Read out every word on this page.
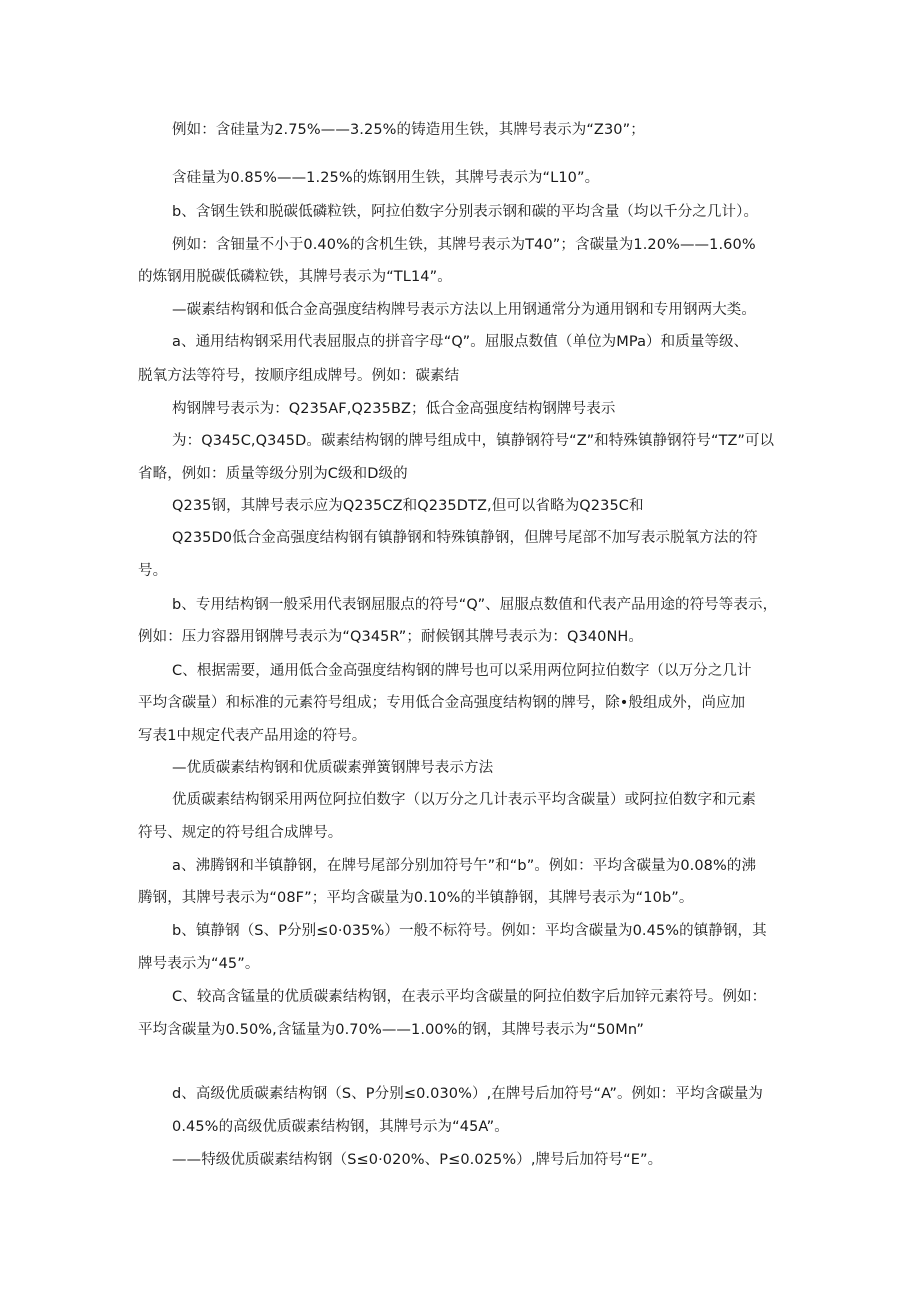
例如：含硅量为2.75%——3.25%的铸造用生铁，其牌号表示为“Z30”；
含硅量为0.85%——1.25%的炼钢用生铁，其牌号表示为“L10”。
b、含钢生铁和脱碳低磷粒铁，阿拉伯数字分别表示钢和碳的平均含量（均以千分之几计）。
例如：含钿量不小于0.40%的含机生铁，其牌号表示为T40”；含碳量为1.20%——1.60%
的炼钢用脱碳低磷粒铁，其牌号表示为“TL14”。
—碳素结构钢和低合金高强度结构牌号表示方法以上用钢通常分为通用钢和专用钢两大类。
a、通用结构钢采用代表屈服点的拼音字母“Q”。屈服点数值（单位为MPa）和质量等级、
脱氧方法等符号，按顺序组成牌号。例如：碳素结
构钢牌号表示为：Q235AF,Q235BZ；低合金高强度结构钢牌号表示
为：Q345C,Q345D。碳素结构钢的牌号组成中，镇静钢符号“Z”和特殊镇静钢符号“TZ”可以
省略，例如：质量等级分别为C级和D级的
Q235钢，其牌号表示应为Q235CZ和Q235DTZ,但可以省略为Q235C和
Q235D0低合金高强度结构钢有镇静钢和特殊镇静钢，但牌号尾部不加写表示脱氧方法的符
号。
b、专用结构钢一般采用代表钢屈服点的符号“Q”、屈服点数值和代表产品用途的符号等表示，
例如：压力容器用钢牌号表示为“Q345R”；耐候钢其牌号表示为：Q340NH。
C、根据需要，通用低合金高强度结构钢的牌号也可以采用两位阿拉伯数字（以万分之几计
平均含碳量）和标准的元素符号组成；专用低合金高强度结构钢的牌号，除•般组成外，尚应加
写表1中规定代表产品用途的符号。
—优质碳素结构钢和优质碳素弹簧钢牌号表示方法
优质碳素结构钢采用两位阿拉伯数字（以万分之几计表示平均含碳量）或阿拉伯数字和元素
符号、规定的符号组合成牌号。
a、沸腾钢和半镇静钢，在牌号尾部分别加符号午”和“b”。例如：平均含碳量为0.08%的沸
腾钢，其牌号表示为“08F”；平均含碳量为0.10%的半镇静钢，其牌号表示为“10b”。
b、镇静钢（S、P分别≤0·035%）一般不标符号。例如：平均含碳量为0.45%的镇静钢，其
牌号表示为“45”。
C、较高含锰量的优质碳素结构钢，在表示平均含碳量的阿拉伯数字后加锌元素符号。例如：
平均含碳量为0.50%,含锰量为0.70%——1.00%的钢，其牌号表示为“50Mn”
d、高级优质碳素结构钢（S、P分别≤0.030%）,在牌号后加符号“A”。例如：平均含碳量为
0.45%的高级优质碳素结构钢，其牌号示为“45A”。
——特级优质碳素结构钢（S≤0·020%、P≤0.025%）,牌号后加符号“E”。
